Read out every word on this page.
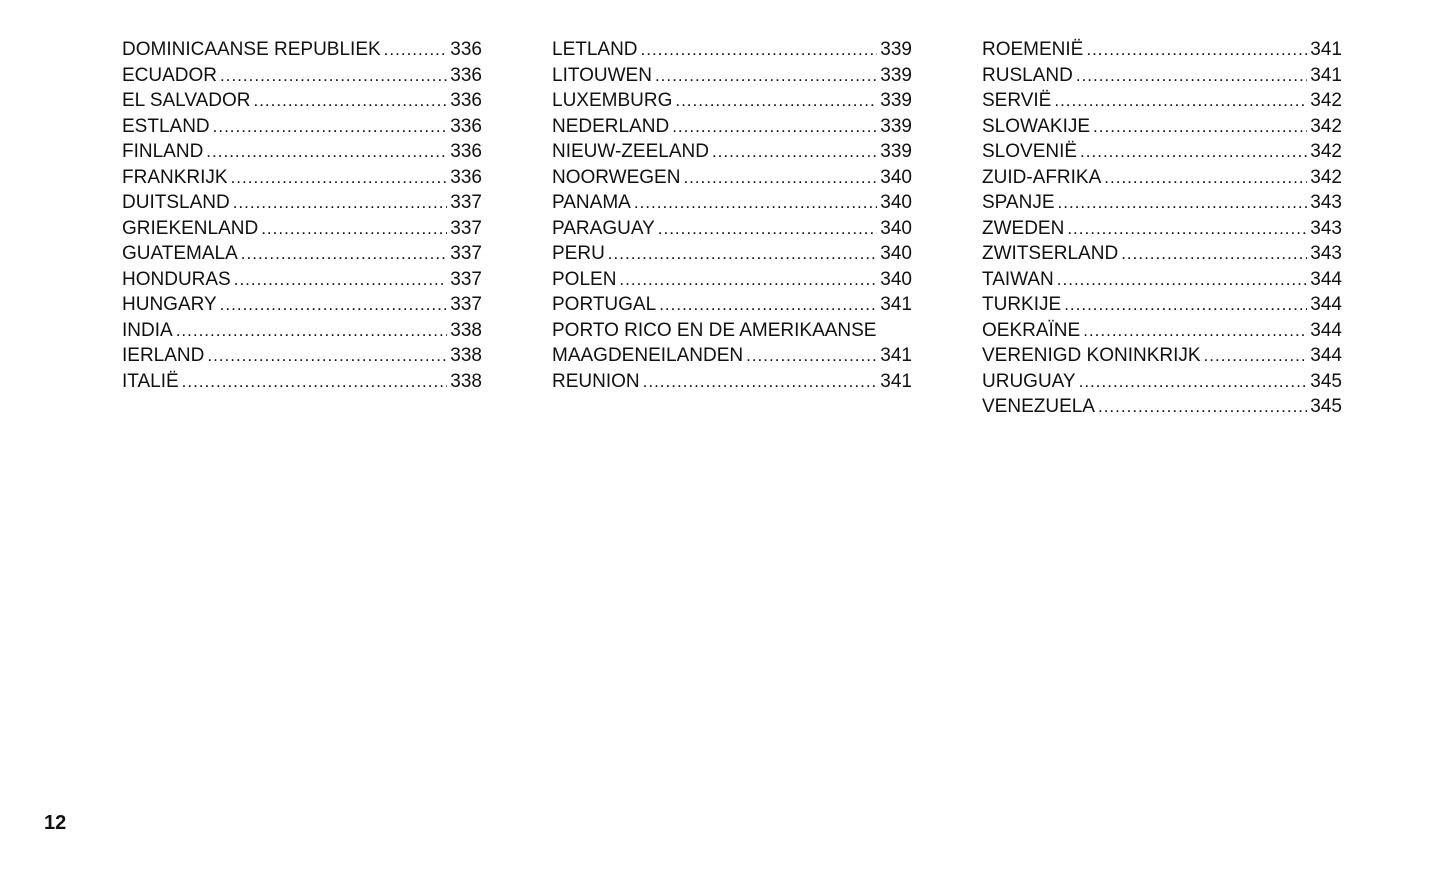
DOMINICAANSE REPUBLIEK .....	336
ECUADOR .....	336
EL SALVADOR .....	336
ESTLAND .....	336
FINLAND .....	336
FRANKRIJK .....	336
DUITSLAND .....	337
GRIEKENLAND .....	337
GUATEMALA .....	337
HONDURAS .....	337
HUNGARY .....	337
INDIA .....	338
IERLAND .....	338
ITALIË .....	338
LETLAND .....	339
LITOUWEN .....	339
LUXEMBURG .....	339
NEDERLAND .....	339
NIEUW-ZEELAND .....	339
NOORWEGEN .....	340
PANAMA .....	340
PARAGUAY .....	340
PERU .....	340
POLEN .....	340
PORTUGAL .....	341
PORTO RICO EN DE AMERIKAANSE
MAAGDENEILANDEN .....	341
REUNION .....	341
ROEMENIË .....	341
RUSLAND .....	341
SERVIË .....	342
SLOWAKIJE .....	342
SLOVENIË .....	342
ZUID-AFRIKA .....	342
SPANJE .....	343
ZWEDEN .....	343
ZWITSERLAND .....	343
TAIWAN .....	344
TURKIJE .....	344
OEKRAÏNE .....	344
VERENIGD KONINKRIJK .....	344
URUGUAY .....	345
VENEZUELA .....	345
12
